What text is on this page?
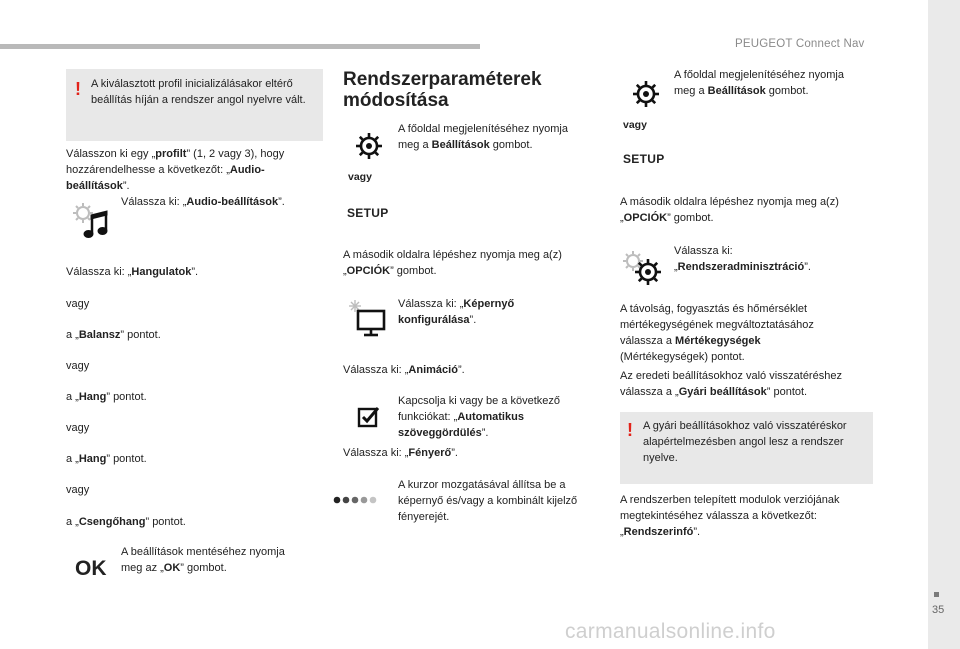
PEUGEOT Connect Nav
35
carmanualsonline.info
! A kiválasztott profil inicializálásakor eltérő beállítás híján a rendszer angol nyelvre vált.
Válasszon ki egy „profilt” (1, 2 vagy 3), hogy
hozzárendelhesse a következőt: „Audio-
beállítások”.
Válassza ki: „Audio-beállítások”.
Válassza ki: „Hangulatok”.
vagy
a „Balansz” pontot.
vagy
a „Hang” pontot.
vagy
a „Hang” pontot.
vagy
a „Csengőhang” pontot.
OK
A beállítások mentéséhez nyomja
meg az „OK” gombot.
Rendszerparaméterek
módosítása
A főoldal megjelenítéséhez nyomja
meg a Beállítások gombot.
vagy
SETUP
A második oldalra lépéshez nyomja meg a(z)
„OPCIÓK” gombot.
Válassza ki: „Képernyő
konfigurálása”.
Válassza ki: „Animáció”.
Kapcsolja ki vagy be a következő
funkciókat: „Automatikus
szöveggördülés”.
Válassza ki: „Fényerő”.
A kurzor mozgatásával állítsa be a
képernyő és/vagy a kombinált kijelző
fényerejét.
A főoldal megjelenítéséhez nyomja
meg a Beállítások gombot.
vagy
SETUP
A második oldalra lépéshez nyomja meg a(z)
„OPCIÓK” gombot.
Válassza ki:
„Rendszeradminisztráció”.
A távolság, fogyasztás és hőmérséklet
mértékegységének megváltoztatásához
válassza a Mértékegységek
(Mértékegységek) pontot.
Az eredeti beállításokhoz való visszatéréshez
válassza a „Gyári beállítások” pontot.
! A gyári beállításokhoz való visszatéréskor alapértelmezésben angol lesz a rendszer nyelve.
A rendszerben telepített modulok verziójának
megtekintéséhez válassza a következőt:
„Rendszerinfó”.
